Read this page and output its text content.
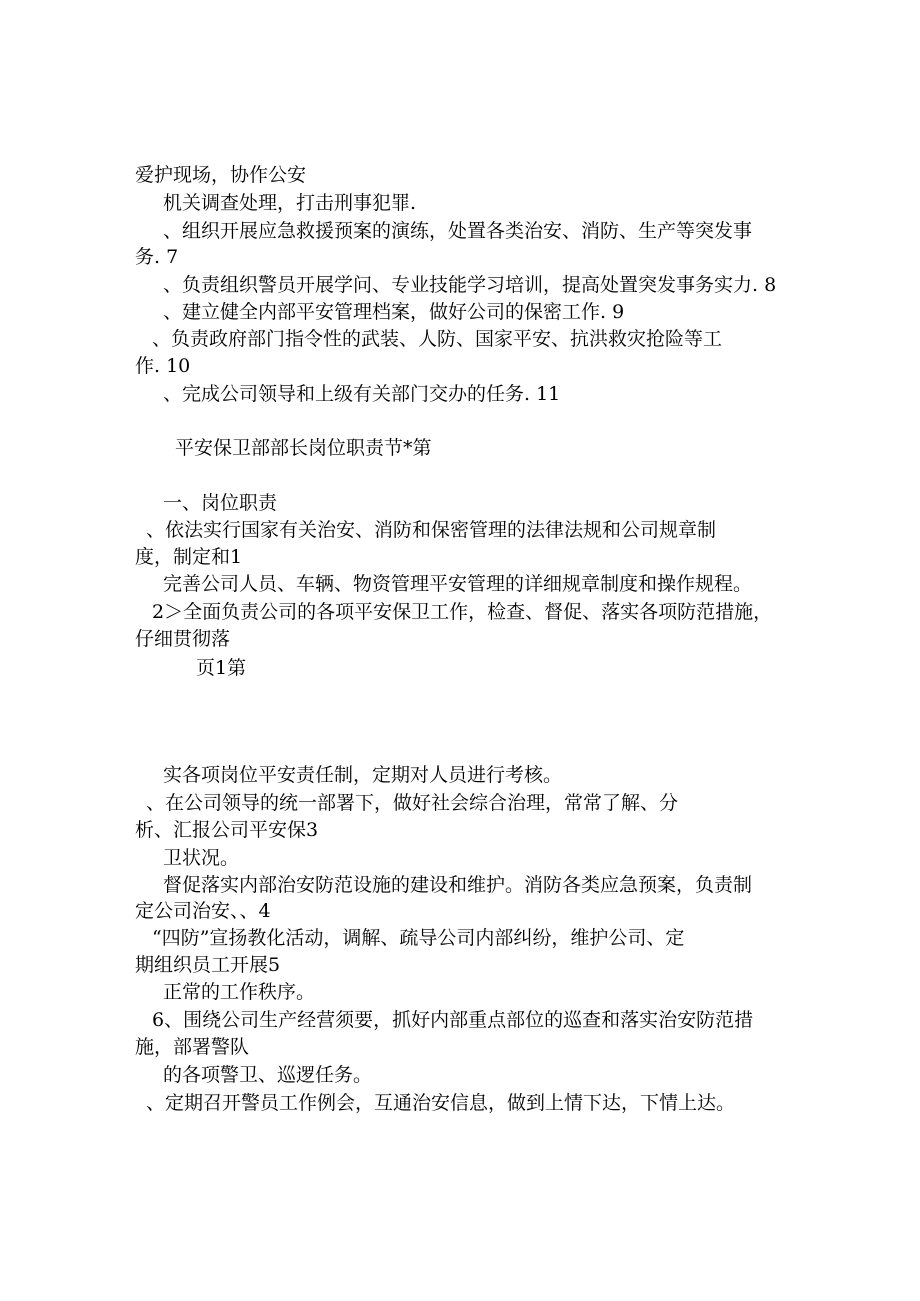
爱护现场，协作公安
机关调查处理，打击刑事犯罪.
、组织开展应急救援预案的演练，处置各类治安、消防、生产等突发事
务. 7
、负责组织警员开展学问、专业技能学习培训，提高处置突发事务实力. 8
、建立健全内部平安管理档案，做好公司的保密工作. 9
、负责政府部门指令性的武装、人防、国家平安、抗洪救灾抢险等工
作. 10
、完成公司领导和上级有关部门交办的任务. 11
平安保卫部部长岗位职责节*第
一、岗位职责
、依法实行国家有关治安、消防和保密管理的法律法规和公司规章制
度，制定和1
完善公司人员、车辆、物资管理平安管理的详细规章制度和操作规程。
2＞全面负责公司的各项平安保卫工作，检查、督促、落实各项防范措施，
仔细贯彻落
页1第
实各项岗位平安责任制，定期对人员进行考核。
、在公司领导的统一部署下，做好社会综合治理，常常了解、分
析、汇报公司平安保3
卫状况。
督促落实内部治安防范设施的建设和维护。消防各类应急预案，负责制
定公司治安、、4
“四防”宣扬教化活动，调解、疏导公司内部纠纷，维护公司、定
期组织员工开展5
正常的工作秩序。
6、围绕公司生产经营须要，抓好内部重点部位的巡查和落实治安防范措
施，部署警队
的各项警卫、巡逻任务。
、定期召开警员工作例会，互通治安信息，做到上情下达，下情上达。
